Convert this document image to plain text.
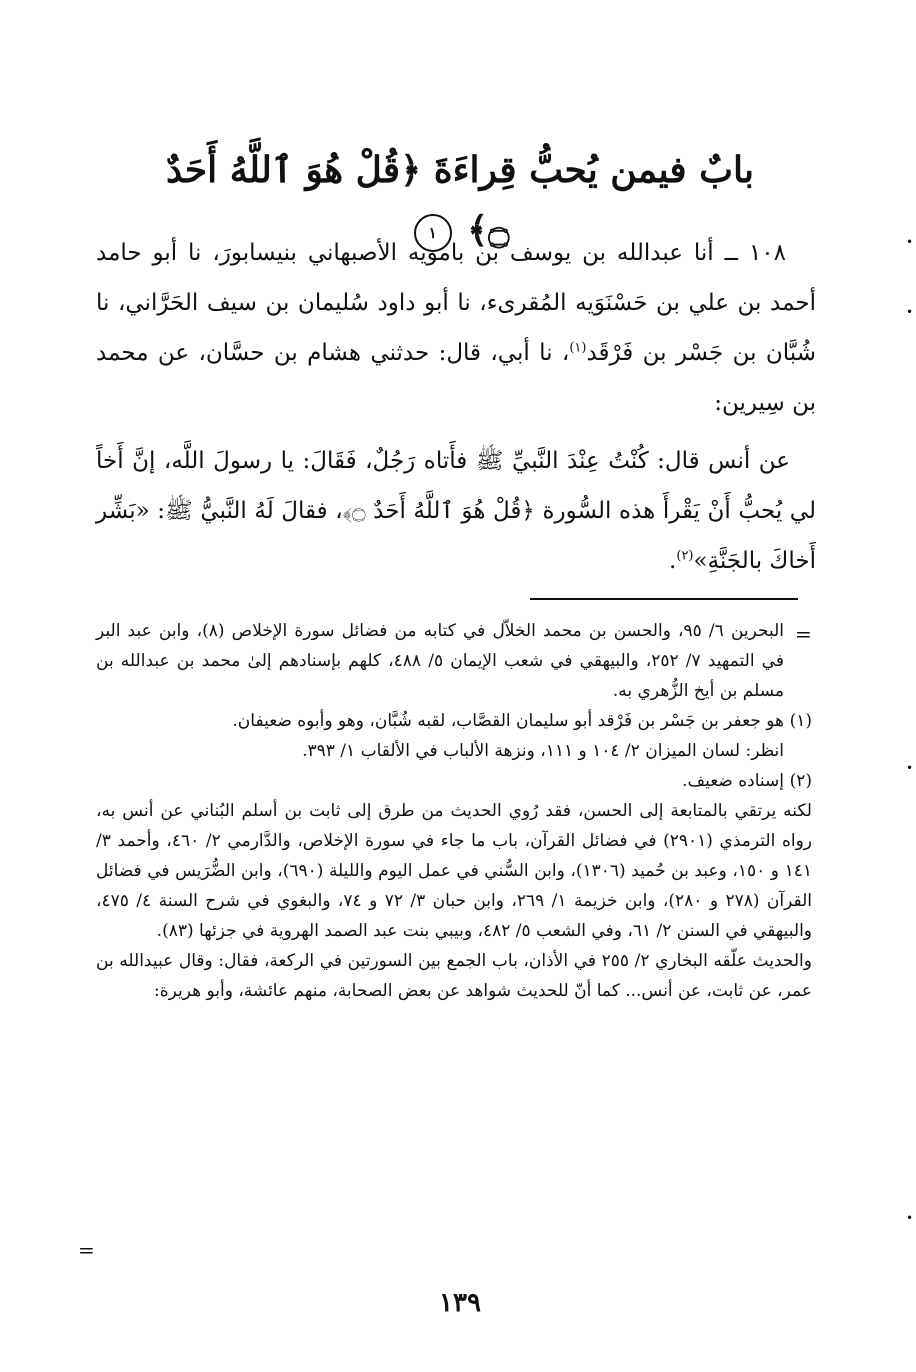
بابٌ فيمن يُحبُّ قِراءَةَ ﴿قُلْ هُوَ ٱللَّهُ أَحَدٌ ۝﴾ ١

١٠٨ ــ أنا عبدالله بن يوسف بن بامويه الأصبهاني بنيسابورَ، نا أبو حامد أحمد بن علي بن حَسْنَوَيه المُقرىء، نا أبو داود سُليمان بن سيف الحَرَّاني، نا شُبَّان بن جَسْر بن فَرْقَد$^{(١)}$، نا أبي، قال: حدثني هشام بن حسَّان، عن محمد بن سِيرين:

عن أنس قال: كُنْتُ عِنْدَ النَّبيِّ ﷺ فأَتاه رَجُلٌ، فَقَالَ: يا رسولَ اللَّه، إنَّ أَخاً لي يُحبُّ أَنْ يَقْرأَ هذه السُّورة ﴿قُلْ هُوَ ٱللَّهُ أَحَدٌ ۝﴾، فقالَ لَهُ النَّبيُّ ﷺ: «بَشِّر أَخاكَ بالجَنَّةِ»$^{(٢)}$.

البحرين ٦/ ٩٥، والحسن بن محمد الخلاّل في كتابه من فضائل سورة الإخلاص (٨)، وابن عبد البر في التمهيد ٧/ ٢٥٢، والبيهقي في شعب الإيمان ٥/ ٤٨٨، كلهم بإسنادهم إلىٰ محمد بن عبدالله بن مسلم بن أيخ الزُّهري به.

(١)
هو جعفر بن جَسْر بن فَرْقد أبو سليمان القصَّاب، لقبه شُبَّان، وهو وأبوه ضعيفان.

انظر: لسان الميزان ٢/ ١٠٤ و ١١١، ونزهة الألباب في الألقاب ١/ ٣٩٣.

(٢)
إسناده ضعيف.

لكنه يرتقي بالمتابعة إلى الحسن، فقد رُوي الحديث من طرق إلى ثابت بن أسلم البُناني عن أنس به، رواه الترمذي (٢٩٠١) في فضائل القرآن، باب ما جاء في سورة الإخلاص، والدَّارمي ٢/ ٤٦٠، وأحمد ٣/ ١٤١ و ١٥٠، وعبد بن حُميد (١٣٠٦)، وابن السُّني في عمل اليوم والليلة (٦٩٠)، وابن الضُّرَيس في فضائل القرآن (٢٧٨ و ٢٨٠)، وابن خزيمة ١/ ٢٦٩، وابن حبان ٣/ ٧٢ و ٧٤، والبغوي في شرح السنة ٤/ ٤٧٥، والبيهقي في السنن ٢/ ٦١، وفي الشعب ٥/ ٤٨٢، وبيبي بنت عبد الصمد الهروية في جزئها (٨٣).

والحديث علّقه البخاري ٢/ ٢٥٥ في الأذان، باب الجمع بين السورتين في الركعة، فقال: وقال عبيدالله بن عمر، عن ثابت، عن أنس... كما أنّ للحديث شواهد عن بعض الصحابة، منهم عائشة، وأبو هريرة:

=
=
•
•
•
•
١٣٩
